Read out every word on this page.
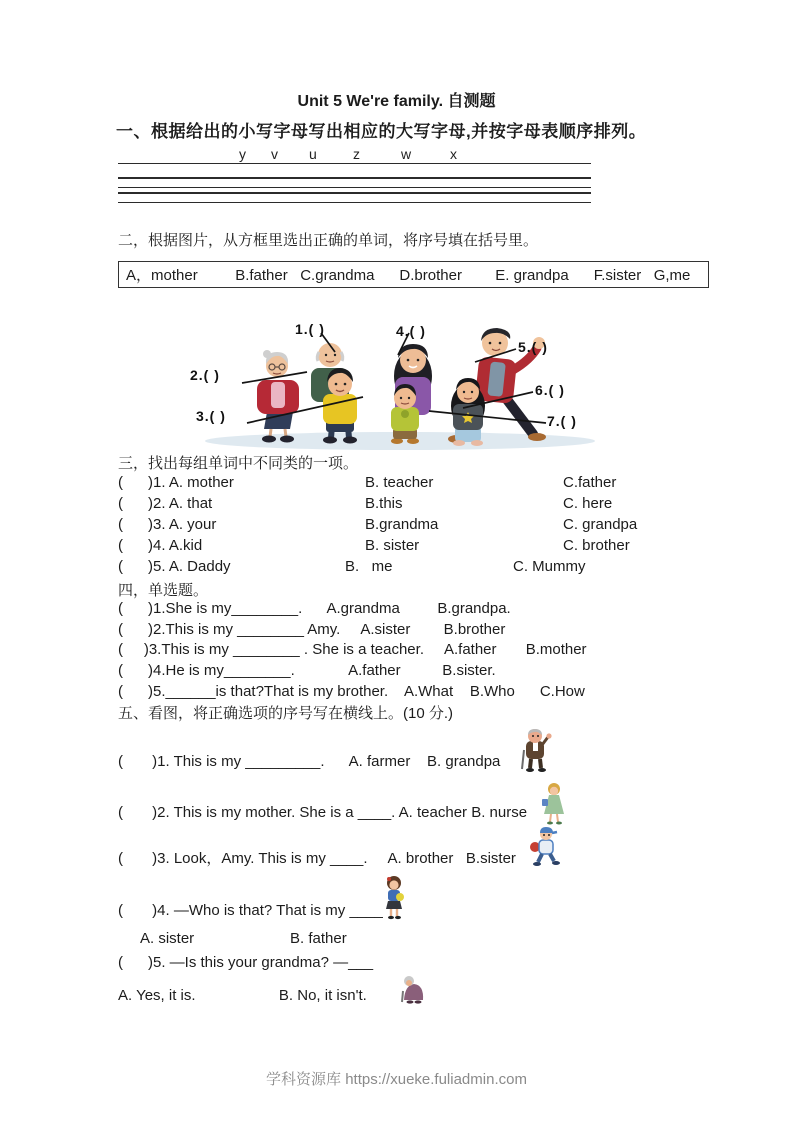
Unit 5 We're family. 自测题
一、根据给出的小写字母写出相应的大写字母,并按字母表顺序排列。
y v u	z	w	x
二，根据图片，从方框里选出正确的单词，将序号填在括号里。
A，mother         B.father   C.grandma      D.brother        E. grandpa      F.sister   G,me
1.( )
2.( )
3.( )
4.( )
5.( )
6.( )
7.( )
三，找出每组单词中不同类的一项。
(      )1. A. mother	B. teacher	C.father
(      )2. A. that	B.this	C. here
(      )3. A. your	B.grandma	C. grandpa
(      )4. A.kid	B. sister	C. brother
(      )5. A. Daddy	B.   me	C. Mummy
四，单选题。
(      )1.She is my________.      A.grandma         B.grandpa.
(      )2.This is my ________ Amy.     A.sister        B.brother
(     )3.This is my ________ . She is a teacher.     A.father       B.mother
(      )4.He is my________.             A.father          B.sister.
(      )5.______is that?That is my brother.    A.What    B.Who      C.How
五、看图，将正确选项的序号写在横线上。(10 分.)
(       )1. This is my _________.      A. farmer    B. grandpa
(       )2. This is my mother. She is a ____. A. teacher B. nurse
(       )3. Look，Amy. This is my ____.     A. brother   B.sister
(       )4. —Who is that? That is my ____
A. sister                       B. father
(      )5. —Is this your grandma? —___
A. Yes, it is.                    B. No, it isn't.
学科资源库 https://xueke.fuliadmin.com
